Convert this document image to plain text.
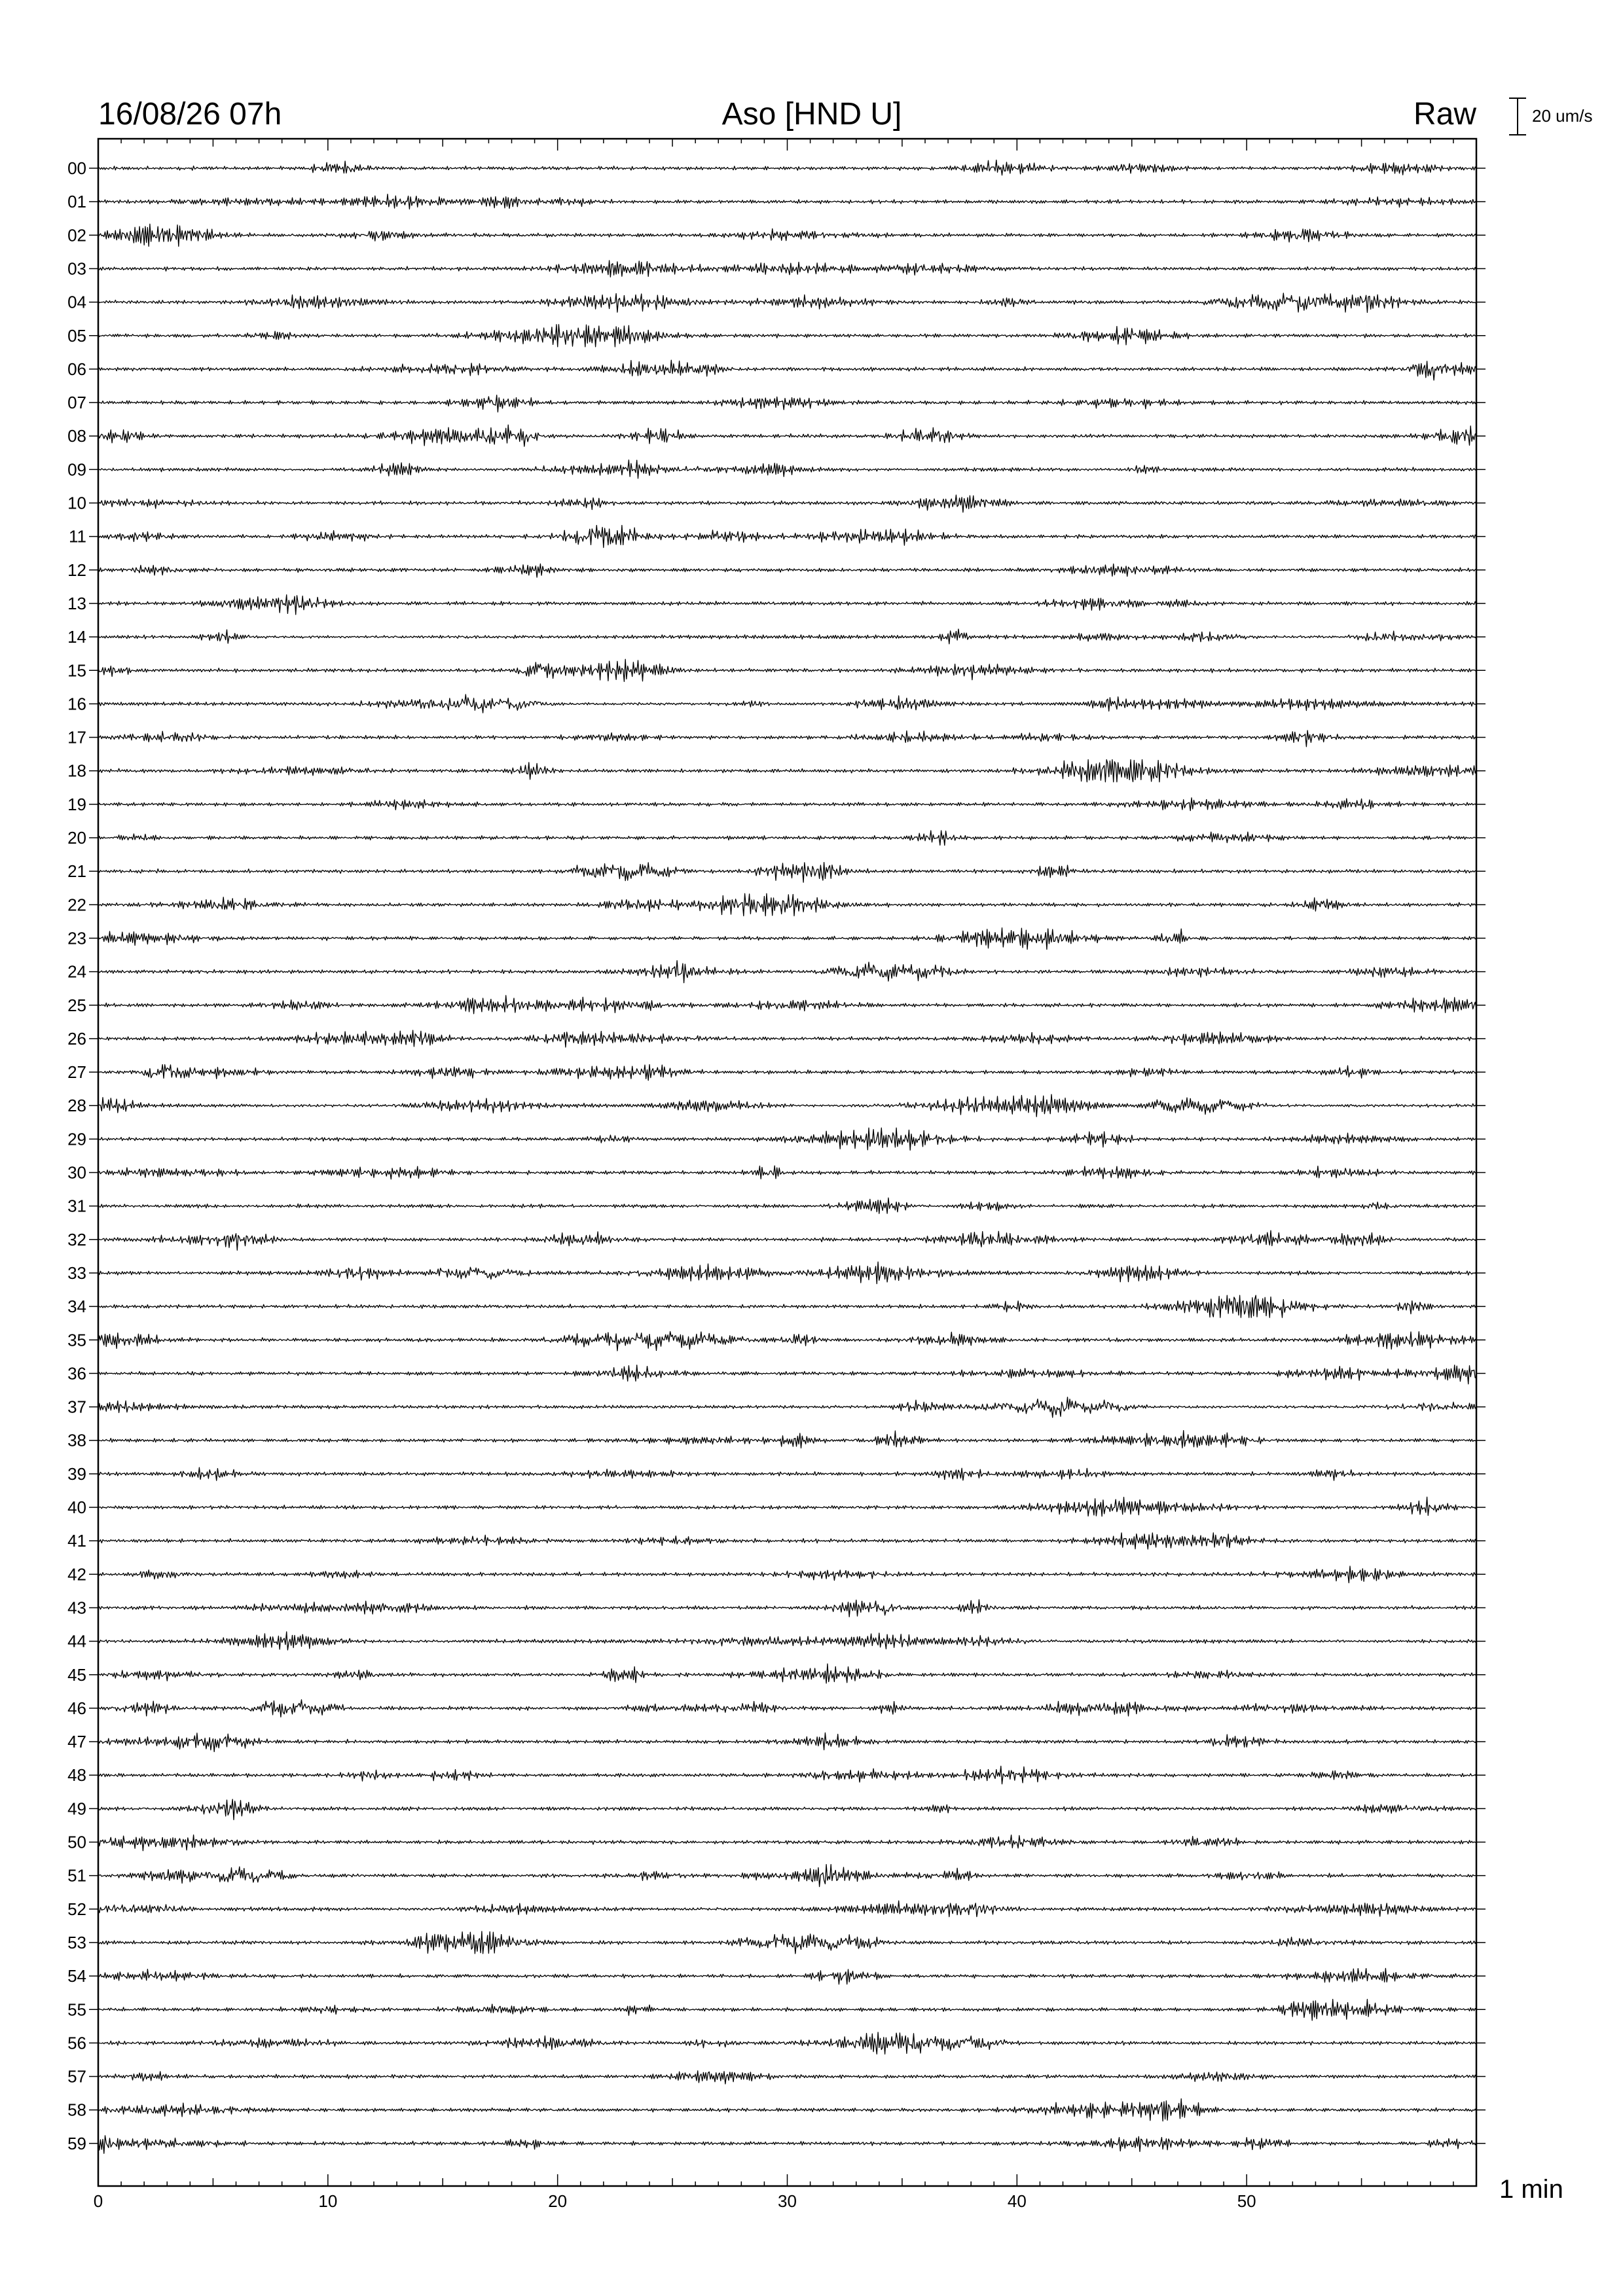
16/08/26 07h	Aso [HND U]	Raw	20 um/s
00
01
02
03
04
05
06
07
08
09
10
11
12
13
14
15
16
17
18
19
20
21
22
23
24
25
26
27
28
29
30
31
32
33
34
35
36
37
38
39
40
41
42
43
44
45
46
47
48
49
50
51
52
53
54
55
56
57
58
59
0	10	20	30	40	50	1 min
